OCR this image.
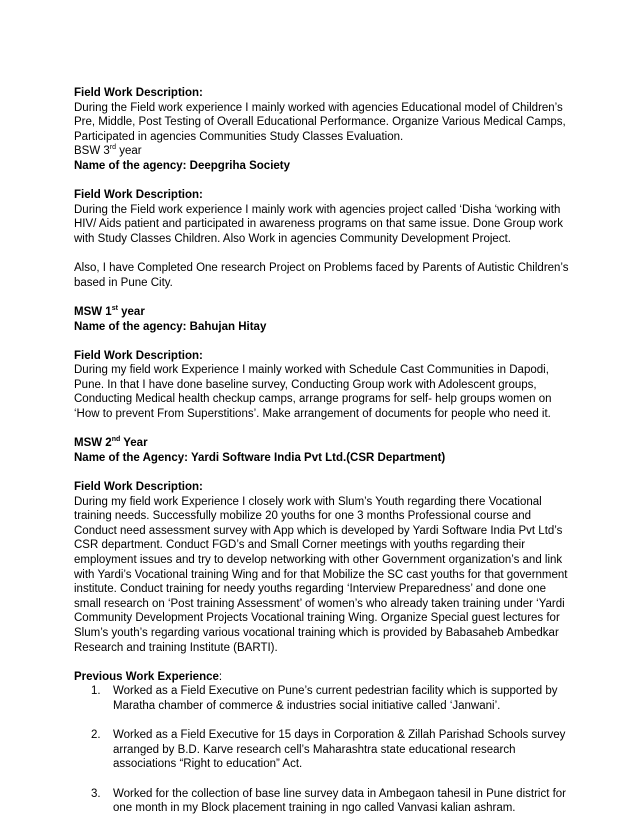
Field Work Description:

During the Field work experience I mainly worked with agencies Educational model of Children’s Pre, Middle, Post Testing of Overall Educational Performance. Organize Various Medical Camps, Participated in agencies Communities Study Classes Evaluation.

BSW 3rd year

Name of the agency: Deepgriha Society

Field Work Description:

During the Field work experience I mainly work with agencies project called ‘Disha ‘working with HIV/ Aids patient and participated in awareness programs on that same issue. Done Group work with Study Classes Children. Also Work in agencies Community Development Project.

Also, I have Completed One research Project on Problems faced by Parents of Autistic Children’s based in Pune City.

MSW 1st year

Name of the agency: Bahujan Hitay

Field Work Description:

During my field work Experience I mainly worked with Schedule Cast Communities in Dapodi, Pune. In that I have done baseline survey, Conducting Group work with Adolescent groups, Conducting Medical health checkup camps, arrange programs for self- help groups women on ‘How to prevent From Superstitions’. Make arrangement of documents for people who need it.

MSW 2nd Year

Name of the Agency: Yardi Software India Pvt Ltd.(CSR Department)

Field Work Description:

During my field work Experience I closely work with Slum’s Youth regarding there Vocational training needs. Successfully mobilize 20 youths for one 3 months Professional course and Conduct need assessment survey with App which is developed by Yardi Software India Pvt Ltd’s CSR department. Conduct FGD’s and Small Corner meetings with youths regarding their employment issues and try to develop networking with other Government organization’s and link with Yardi’s Vocational training Wing and for that Mobilize the SC cast youths for that government institute. Conduct training for needy youths regarding ‘Interview Preparedness’ and done one small research on ‘Post training Assessment’ of women’s who already taken training under ‘Yardi Community Development Projects Vocational training Wing. Organize Special guest lectures for Slum’s youth’s regarding various vocational training which is provided by Babasaheb Ambedkar Research and training Institute (BARTI).

Previous Work Experience:

1.	Worked as a Field Executive on Pune’s current pedestrian facility which is supported by Maratha chamber of commerce & industries social initiative called ‘Janwani’.
2.	Worked as a Field Executive for 15 days in Corporation & Zillah Parishad Schools survey arranged by B.D. Karve research cell’s Maharashtra state educational research associations “Right to education” Act.
3.	Worked for the collection of base line survey data in Ambegaon tahesil in Pune district for one month in my Block placement training in ngo called Vanvasi kalian ashram.
